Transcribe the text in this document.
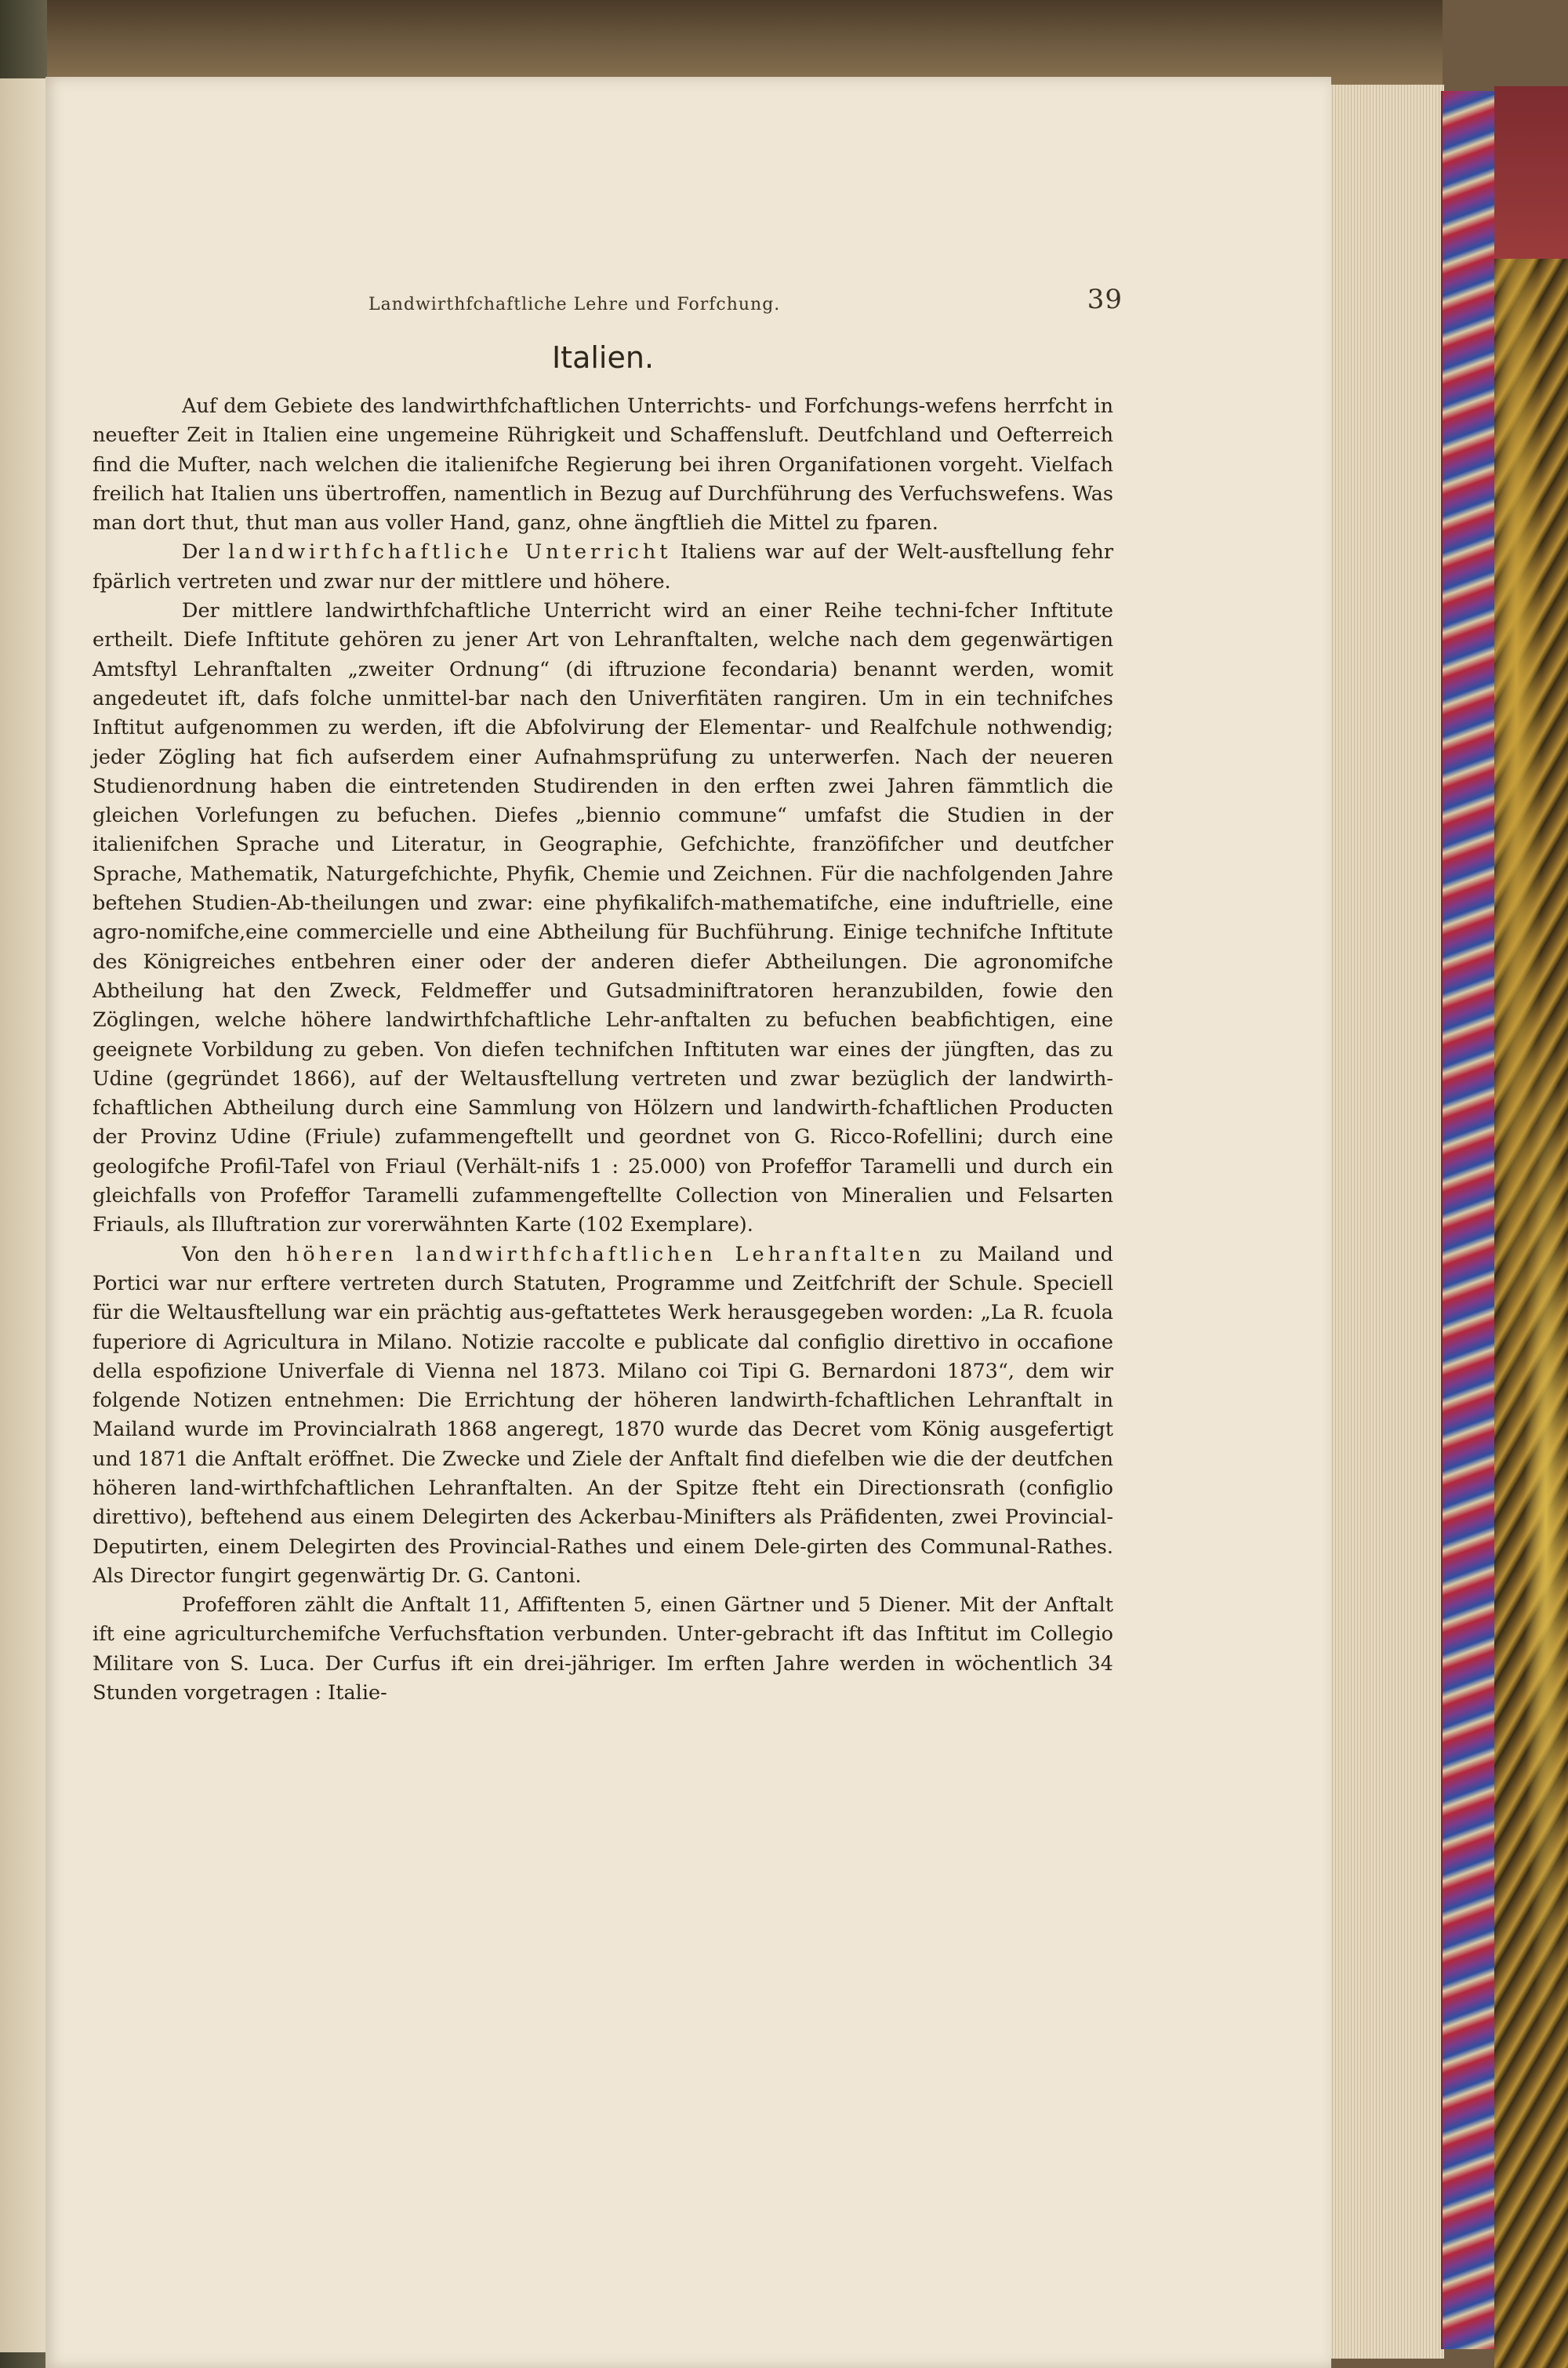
Landwirthfchaftliche Lehre und Forfchung.	39
Italien.

Auf dem Gebiete des landwirthfchaftlichen Unterrichts- und Forfchungs-wefens herrfcht in neuefter Zeit in Italien eine ungemeine Rührigkeit und Schaffensluft. Deutfchland und Oefterreich find die Mufter, nach welchen die italienifche Regierung bei ihren Organifationen vorgeht. Vielfach freilich hat Italien uns übertroffen, namentlich in Bezug auf Durchführung des Verfuchswefens. Was man dort thut, thut man aus voller Hand, ganz, ohne ängftlieh die Mittel zu fparen.

Der landwirthfchaftliche Unterricht Italiens war auf der Welt-ausftellung fehr fpärlich vertreten und zwar nur der mittlere und höhere.

Der mittlere landwirthfchaftliche Unterricht wird an einer Reihe techni-fcher Inftitute ertheilt. Diefe Inftitute gehören zu jener Art von Lehranftalten, welche nach dem gegenwärtigen Amtsftyl Lehranftalten „zweiter Ordnung“ (di iftruzione fecondaria) benannt werden, womit angedeutet ift, dafs folche unmittel-bar nach den Univerfitäten rangiren. Um in ein technifches Inftitut aufgenommen zu werden, ift die Abfolvirung der Elementar- und Realfchule nothwendig; jeder Zögling hat fich aufserdem einer Aufnahmsprüfung zu unterwerfen. Nach der neueren Studienordnung haben die eintretenden Studirenden in den erften zwei Jahren fämmtlich die gleichen Vorlefungen zu befuchen. Diefes „biennio commune“ umfafst die Studien in der italienifchen Sprache und Literatur, in Geographie, Gefchichte, franzöfifcher und deutfcher Sprache, Mathematik, Naturgefchichte, Phyfik, Chemie und Zeichnen. Für die nachfolgenden Jahre beftehen Studien-Ab-theilungen und zwar: eine phyfikalifch-mathematifche, eine induftrielle, eine agro-nomifche,eine commercielle und eine Abtheilung für Buchführung. Einige technifche Inftitute des Königreiches entbehren einer oder der anderen diefer Abtheilungen. Die agronomifche Abtheilung hat den Zweck, Feldmeffer und Gutsadminiftratoren heranzubilden, fowie den Zöglingen, welche höhere landwirthfchaftliche Lehr-anftalten zu befuchen beabfichtigen, eine geeignete Vorbildung zu geben. Von diefen technifchen Inftituten war eines der jüngften, das zu Udine (gegründet 1866), auf der Weltausftellung vertreten und zwar bezüglich der landwirth-fchaftlichen Abtheilung durch eine Sammlung von Hölzern und landwirth-fchaftlichen Producten der Provinz Udine (Friule) zufammengeftellt und geordnet von G. Ricco-Rofellini; durch eine geologifche Profil-Tafel von Friaul (Verhält-nifs 1 : 25.000) von Profeffor Taramelli und durch ein gleichfalls von Profeffor Taramelli zufammengeftellte Collection von Mineralien und Felsarten Friauls, als Illuftration zur vorerwähnten Karte (102 Exemplare).

Von den höheren landwirthfchaftlichen Lehranftalten zu Mailand und Portici war nur erftere vertreten durch Statuten, Programme und Zeitfchrift der Schule. Speciell für die Weltausftellung war ein prächtig aus-geftattetes Werk herausgegeben worden: „La R. fcuola fuperiore di Agricultura in Milano. Notizie raccolte e publicate dal configlio direttivo in occafione della espofizione Univerfale di Vienna nel 1873. Milano coi Tipi G. Bernardoni 1873“, dem wir folgende Notizen entnehmen: Die Errichtung der höheren landwirth-fchaftlichen Lehranftalt in Mailand wurde im Provincialrath 1868 angeregt, 1870 wurde das Decret vom König ausgefertigt und 1871 die Anftalt eröffnet. Die Zwecke und Ziele der Anftalt find diefelben wie die der deutfchen höheren land-wirthfchaftlichen Lehranftalten. An der Spitze fteht ein Directionsrath (configlio direttivo), beftehend aus einem Delegirten des Ackerbau-Minifters als Präfidenten, zwei Provincial-Deputirten, einem Delegirten des Provincial-Rathes und einem Dele-girten des Communal-Rathes. Als Director fungirt gegenwärtig Dr. G. Cantoni.

Profefforen zählt die Anftalt 11, Affiftenten 5, einen Gärtner und 5 Diener. Mit der Anftalt ift eine agriculturchemifche Verfuchsftation verbunden. Unter-gebracht ift das Inftitut im Collegio Militare von S. Luca. Der Curfus ift ein drei-jähriger. Im erften Jahre werden in wöchentlich 34 Stunden vorgetragen : Italie-
